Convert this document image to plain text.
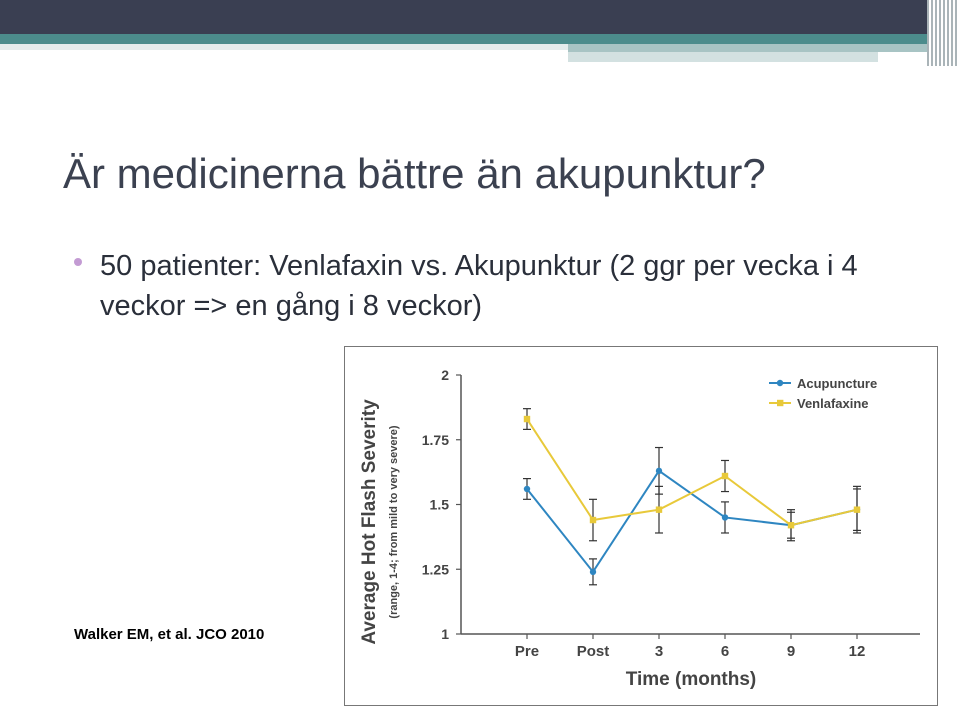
Är medicinerna bättre än akupunktur?
50 patienter: Venlafaxin vs. Akupunktur (2 ggr per vecka i 4 veckor => en gång i 8 veckor)
Walker EM, et al. JCO 2010	Average Hot Flash Severity (range, 1-4; from mild to very severe)
Time (months)
1
1.25
1.5
1.75
2
Pre	Post	3	6	9	12
Acupuncture
Venlafaxine
